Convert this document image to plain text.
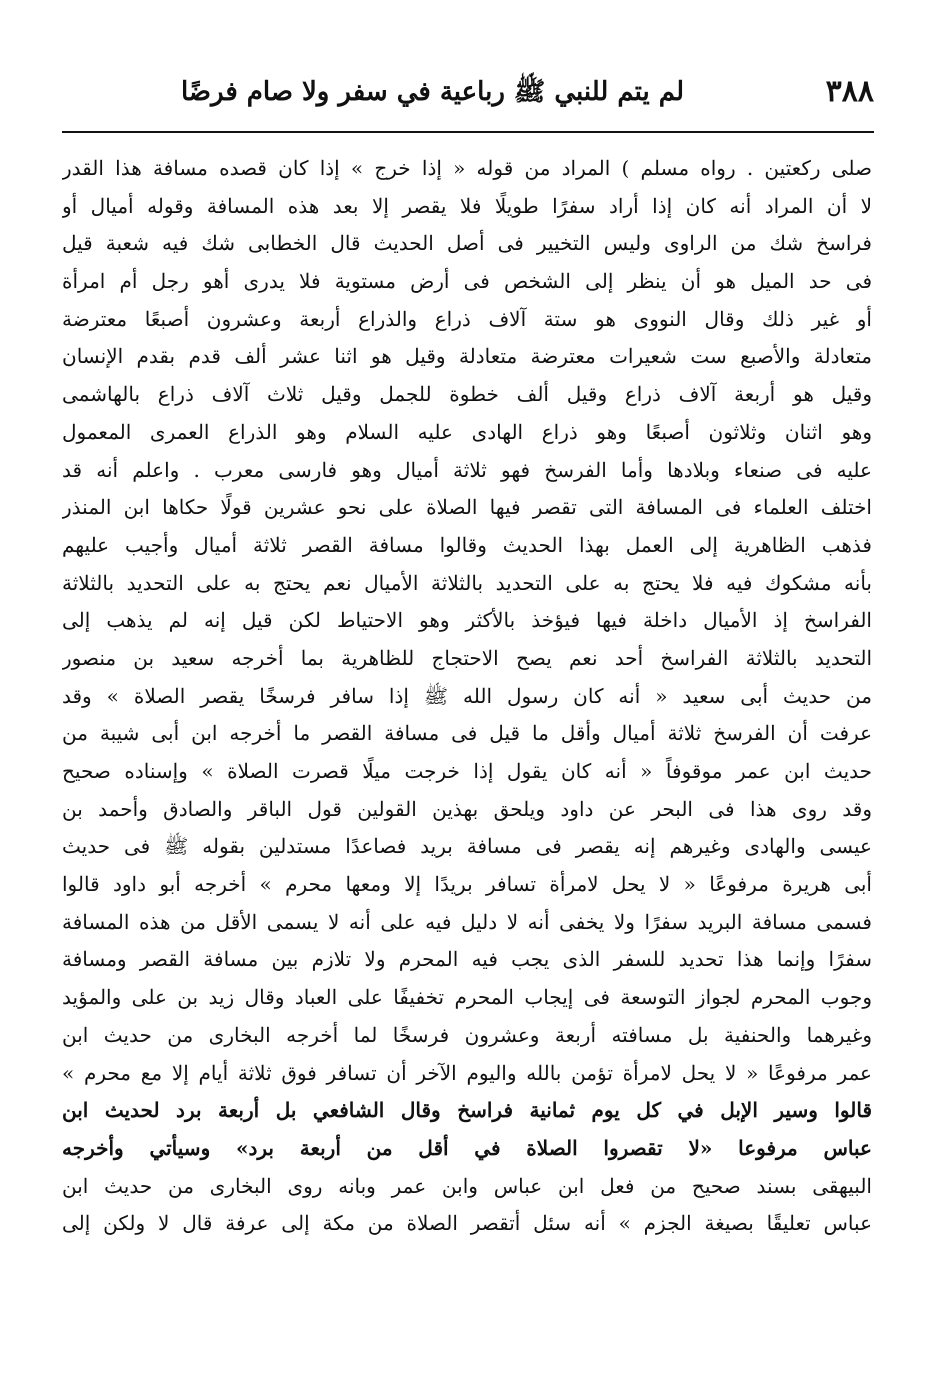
٣٨٨
لم يتم للنبي ﷺ رباعية في سفر ولا صام فرضًا
صلى ركعتين . رواه مسلم ) المراد من قوله « إذا خرج » إذا كان قصده مسافة هذا القدر
لا أن المراد أنه كان إذا أراد سفرًا طويلًا فلا يقصر إلا بعد هذه المسافة وقوله أميال أو
فراسخ شك من الراوى وليس التخيير فى أصل الحديث قال الخطابى شك فيه شعبة قيل
فى حد الميل هو أن ينظر إلى الشخص فى أرض مستوية فلا يدرى أهو رجل أم امرأة
أو غير ذلك وقال النووى هو ستة آلاف ذراع والذراع أربعة وعشرون أصبعًا معترضة
متعادلة والأصبع ست شعيرات معترضة متعادلة وقيل هو اثنا عشر ألف قدم بقدم الإنسان
وقيل هو أربعة آلاف ذراع وقيل ألف خطوة للجمل وقيل ثلاث آلاف ذراع بالهاشمى
وهو اثنان وثلاثون أصبعًا وهو ذراع الهادى عليه السلام وهو الذراع العمرى المعمول
عليه فى صنعاء وبلادها وأما الفرسخ فهو ثلاثة أميال وهو فارسى معرب . واعلم أنه قد
اختلف العلماء فى المسافة التى تقصر فيها الصلاة على نحو عشرين قولًا حكاها ابن المنذر
فذهب الظاهرية إلى العمل بهذا الحديث وقالوا مسافة القصر ثلاثة أميال وأجيب عليهم
بأنه مشكوك فيه فلا يحتج به على التحديد بالثلاثة الأميال نعم يحتج به على التحديد بالثلاثة
الفراسخ إذ الأميال داخلة فيها فيؤخذ بالأكثر وهو الاحتياط لكن قيل إنه لم يذهب إلى
التحديد بالثلاثة الفراسخ أحد نعم يصح الاحتجاج للظاهرية بما أخرجه سعيد بن منصور
من حديث أبى سعيد « أنه كان رسول الله ﷺ إذا سافر فرسخًا يقصر الصلاة » وقد
عرفت أن الفرسخ ثلاثة أميال وأقل ما قيل فى مسافة القصر ما أخرجه ابن أبى شيبة من
حديث ابن عمر موقوفاً « أنه كان يقول إذا خرجت ميلًا قصرت الصلاة » وإسناده صحيح
وقد روى هذا فى البحر عن داود ويلحق بهذين القولين قول الباقر والصادق وأحمد بن
عيسى والهادى وغيرهم إنه يقصر فى مسافة بريد فصاعدًا مستدلين بقوله ﷺ فى حديث
أبى هريرة مرفوعًا « لا يحل لامرأة تسافر بريدًا إلا ومعها محرم » أخرجه أبو داود قالوا
فسمى مسافة البريد سفرًا ولا يخفى أنه لا دليل فيه على أنه لا يسمى الأقل من هذه المسافة
سفرًا وإنما هذا تحديد للسفر الذى يجب فيه المحرم ولا تلازم بين مسافة القصر ومسافة
وجوب المحرم لجواز التوسعة فى إيجاب المحرم تخفيفًا على العباد وقال زيد بن على والمؤيد
وغيرهما والحنفية بل مسافته أربعة وعشرون فرسخًا لما أخرجه البخارى من حديث ابن
عمر مرفوعًا « لا يحل لامرأة تؤمن بالله واليوم الآخر أن تسافر فوق ثلاثة أيام إلا مع محرم »
قالوا وسير الإبل في كل يوم ثمانية فراسخ وقال الشافعي بل أربعة برد لحديث ابن
عباس مرفوعا «لا تقصروا الصلاة في أقل من أربعة برد» وسيأتي وأخرجه
البيهقى بسند صحيح من فعل ابن عباس وابن عمر وبانه روى البخارى من حديث ابن
عباس تعليقًا بصيغة الجزم » أنه سئل أتقصر الصلاة من مكة إلى عرفة قال لا ولكن إلى
